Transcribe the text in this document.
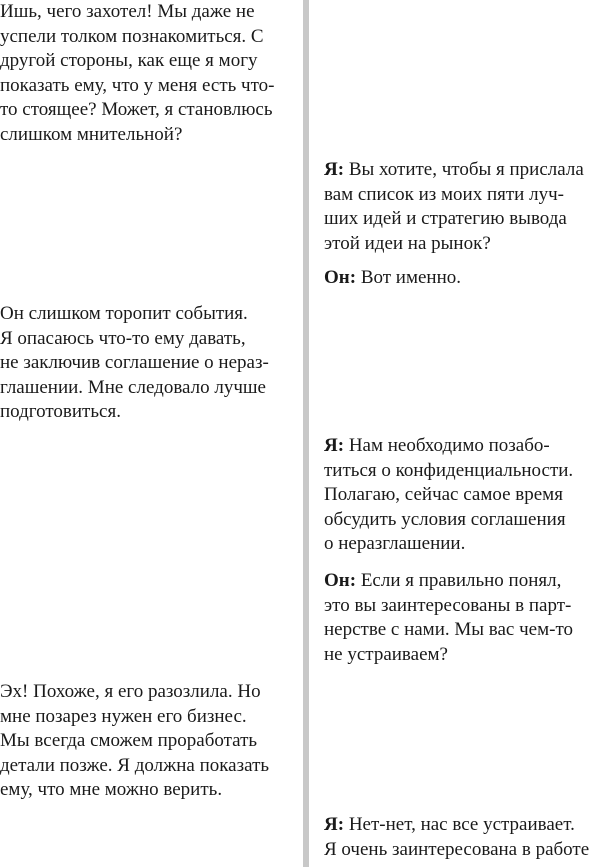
Ишь, чего захотел! Мы даже не
успели толком познакомиться. С
другой стороны, как еще я могу
показать ему, что у меня есть что-
то стоящее? Может, я становлюсь
слишком мнительной?
Он слишком торопит события.
Я опасаюсь что-то ему давать,
не заключив соглашение о нераз-
глашении. Мне следовало лучше
подготовиться.
Эх! Похоже, я его разозлила. Но
мне позарез нужен его бизнес.
Мы всегда сможем проработать
детали позже. Я должна показать
ему, что мне можно верить.
Я: Вы хотите, чтобы я прислала
вам список из моих пяти луч-
ших идей и стратегию вывода
этой идеи на рынок?
Он: Вот именно.
Я: Нам необходимо позабо-
титься о конфиденциальности.
Полагаю, сейчас самое время
обсудить условия соглашения
о неразглашении.
Он: Если я правильно понял,
это вы заинтересованы в парт-
нерстве с нами. Мы вас чем-то
не устраиваем?
Я: Нет-нет, нас все устраивает.
Я очень заинтересована в работе
